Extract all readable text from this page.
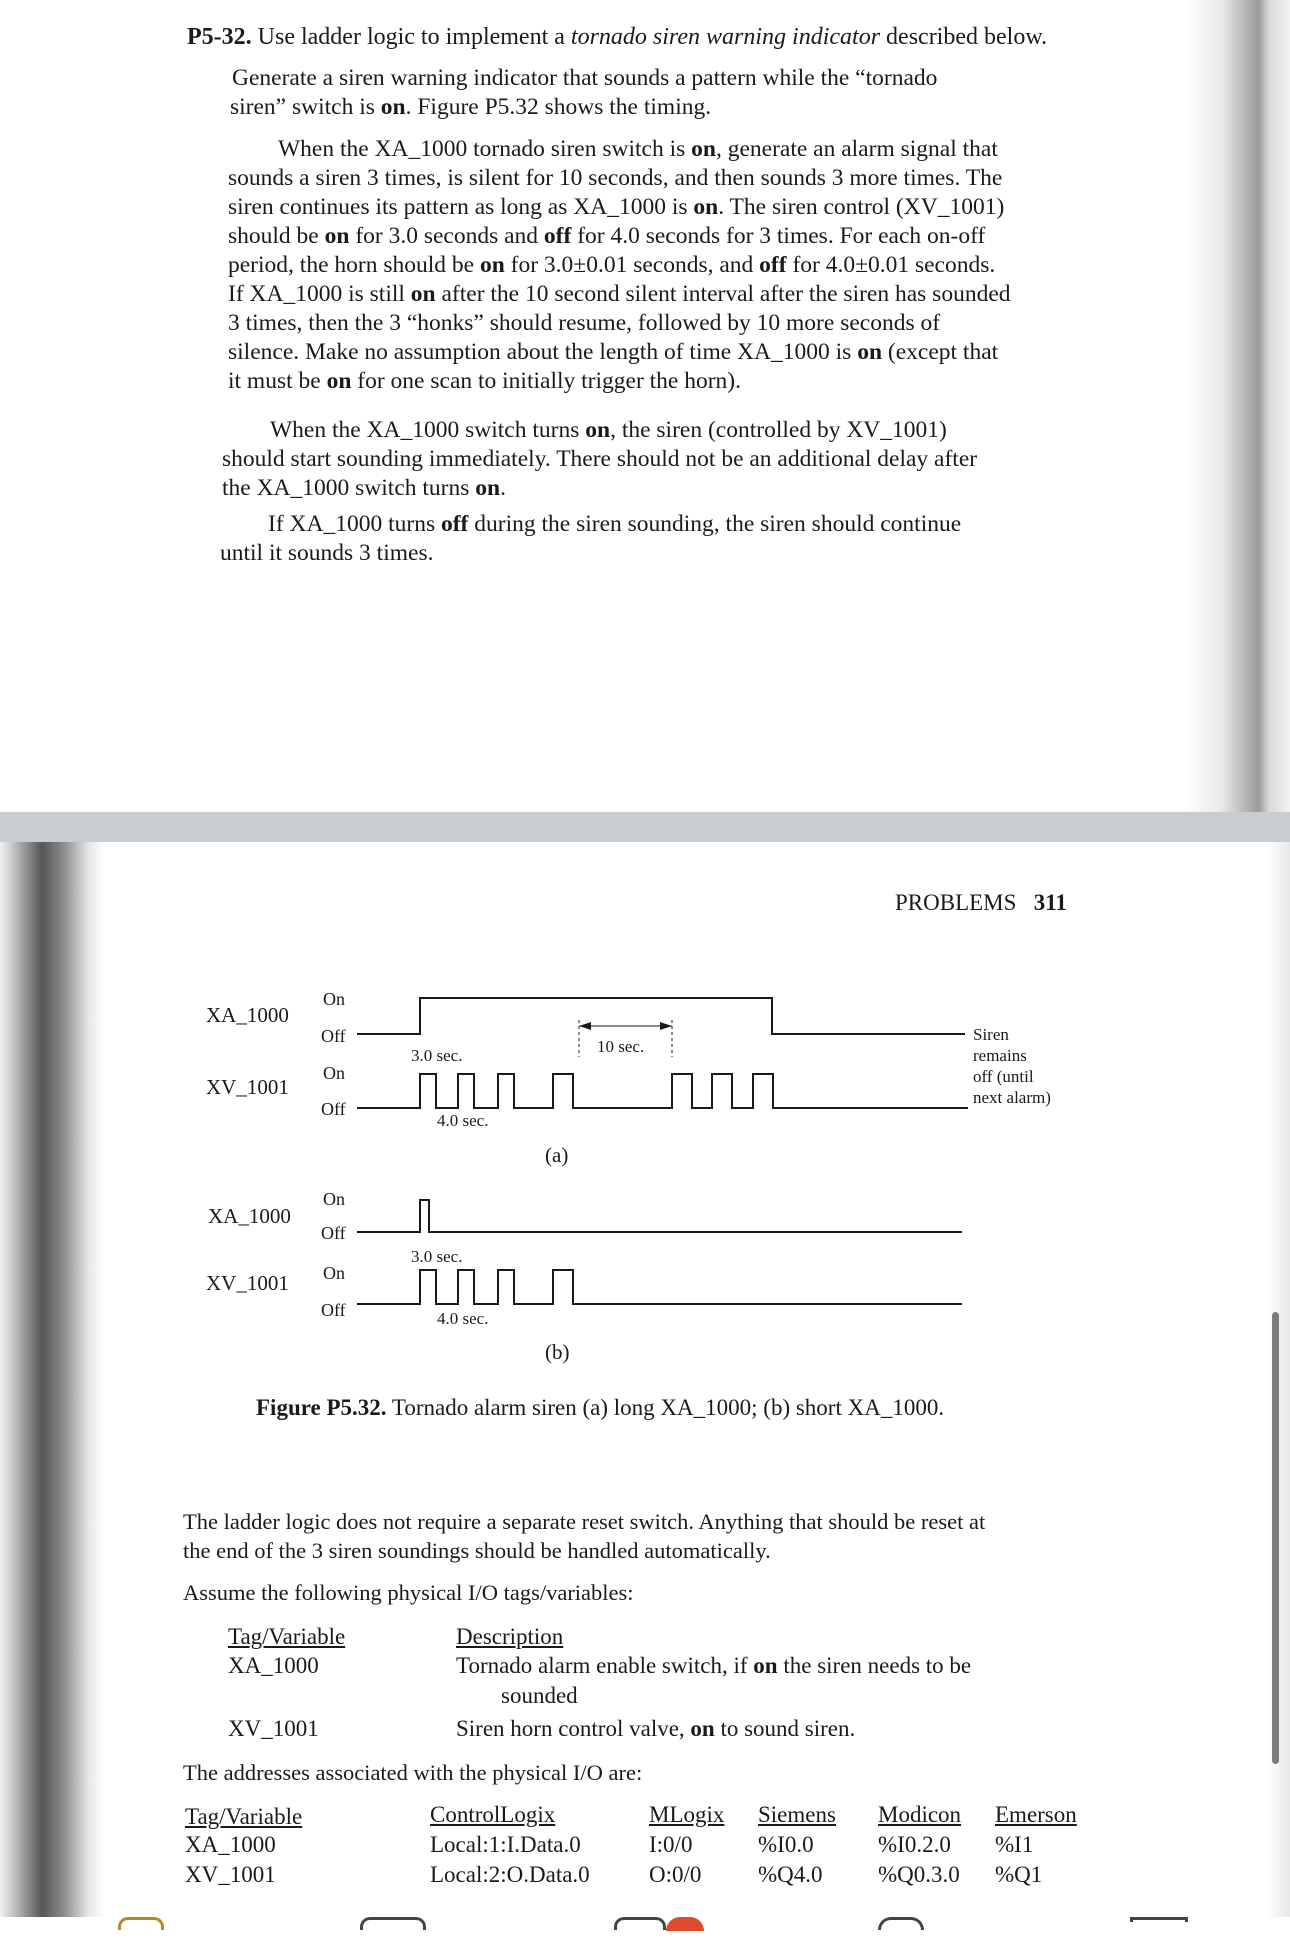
P5-32. Use ladder logic to implement a tornado siren warning indicator described below.
Generate a siren warning indicator that sounds a pattern while the “tornado
siren” switch is on. Figure P5.32 shows the timing.
When the XA_1000 tornado siren switch is on, generate an alarm signal that
sounds a siren 3 times, is silent for 10 seconds, and then sounds 3 more times. The
siren continues its pattern as long as XA_1000 is on. The siren control (XV_1001)
should be on for 3.0 seconds and off for 4.0 seconds for 3 times. For each on-off
period, the horn should be on for 3.0±0.01 seconds, and off for 4.0±0.01 seconds.
If XA_1000 is still on after the 10 second silent interval after the siren has sounded
3 times, then the 3 “honks” should resume, followed by 10 more seconds of
silence. Make no assumption about the length of time XA_1000 is on (except that
it must be on for one scan to initially trigger the horn).
When the XA_1000 switch turns on, the siren (controlled by XV_1001)
should start sounding immediately. There should not be an additional delay after
the XA_1000 switch turns on.
If XA_1000 turns off during the siren sounding, the siren should continue
until it sounds 3 times.
PROBLEMS 311
XA_1000
On
Off
XV_1001
On
Off
3.0 sec.
4.0 sec.
10 sec.
Siren
remains
off (until
next alarm)
(a)
XA_1000
On
Off
XV_1001 On
Off
3.0 sec.
4.0 sec.
(b)
Figure P5.32. Tornado alarm siren (a) long XA_1000; (b) short XA_1000.
The ladder logic does not require a separate reset switch. Anything that should be reset at
the end of the 3 siren soundings should be handled automatically.
Assume the following physical I/O tags/variables:
Tag/Variable	Description
XA_1000	Tornado alarm enable switch, if on the siren needs to be
sounded
XV_1001	Siren horn control valve, on to sound siren.
The addresses associated with the physical I/O are:
Tag/Variable	ControlLogix	MLogix Siemens Modicon Emerson
XA_1000	Local:1:I.Data.0	I:0/0	%I0.0	%I0.2.0 %I1
XV_1001	Local:2:O.Data.0	O:0/0 %Q4.0 %Q0.3.0 %Q1
